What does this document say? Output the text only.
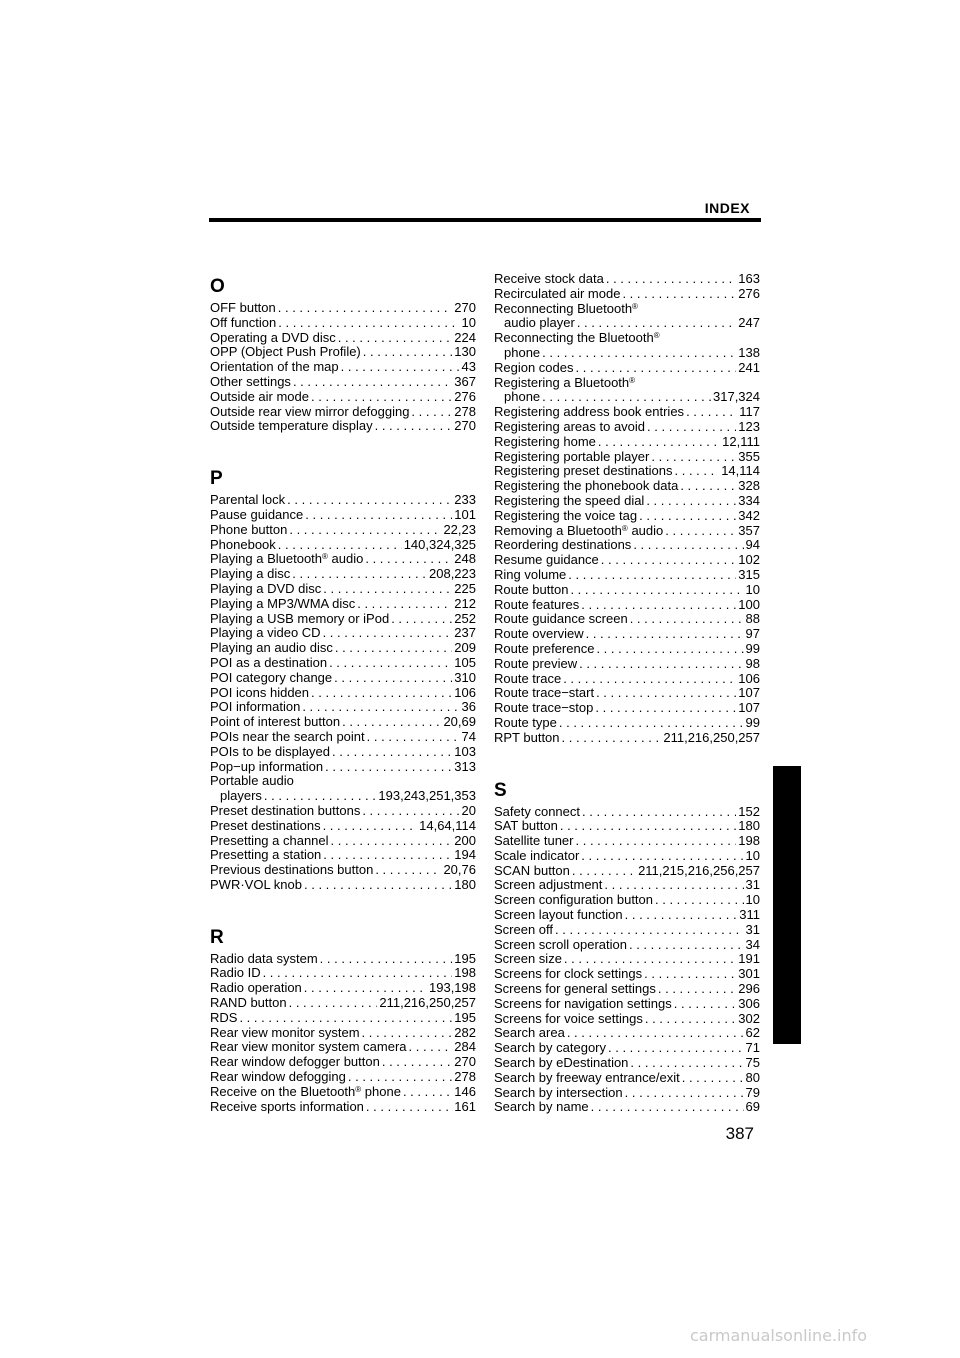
INDEX
O
OFF button . . .	270
Off function . . .	10
Operating a DVD disc . . .	224
OPP (Object Push Profile) . . .	130
Orientation of the map . . .	43
Other settings . . .	367
Outside air mode . . .	276
Outside rear view mirror defogging . . .	278
Outside temperature display . . .	270
P
Parental lock . . .	233
Pause guidance . . .	101
Phone button . . .	22,23
Phonebook . . .	140,324,325
Playing a Bluetooth® audio . . .	248
Playing a disc . . .	208,223
Playing a DVD disc . . .	225
Playing a MP3/WMA disc . . .	212
Playing a USB memory or iPod . . .	252
Playing a video CD . . .	237
Playing an audio disc . . .	209
POI as a destination . . .	105
POI category change . . .	310
POI icons hidden . . .	106
POI information . . .	36
Point of interest button . . .	20,69
POIs near the search point . . .	74
POIs to be displayed . . .	103
Pop−up information . . .	313
Portable audio
players . . .	193,243,251,353
Preset destination buttons . . .	20
Preset destinations . . .	14,64,114
Presetting a channel . . .	200
Presetting a station . . .	194
Previous destinations button . . .	20,76
PWR·VOL knob . . .	180
R
Radio data system . . .	195
Radio ID . . .	198
Radio operation . . .	193,198
RAND button . . .	211,216,250,257
RDS . . .	195
Rear view monitor system . . .	282
Rear view monitor system camera . . .	284
Rear window defogger button . . .	270
Rear window defogging . . .	278
Receive on the Bluetooth® phone . . .	146
Receive sports information . . .	161
Receive stock data . . .	163
Recirculated air mode . . .	276
Reconnecting Bluetooth®
audio player . . .	247
Reconnecting the Bluetooth®
phone . . .	138
Region codes . . .	241
Registering a Bluetooth®
phone . . .	317,324
Registering address book entries . . .	117
Registering areas to avoid . . .	123
Registering home . . .	12,111
Registering portable player . . .	355
Registering preset destinations . . .	14,114
Registering the phonebook data . . .	328
Registering the speed dial . . .	334
Registering the voice tag . . .	342
Removing a Bluetooth® audio . . .	357
Reordering destinations . . .	94
Resume guidance . . .	102
Ring volume . . .	315
Route button . . .	10
Route features . . .	100
Route guidance screen . . .	88
Route overview . . .	97
Route preference . . .	99
Route preview . . .	98
Route trace . . .	106
Route trace−start . . .	107
Route trace−stop . . .	107
Route type . . .	99
RPT button . . .	211,216,250,257
S
Safety connect . . .	152
SAT button . . .	180
Satellite tuner . . .	198
Scale indicator . . .	10
SCAN button . . .	211,215,216,256,257
Screen adjustment . . .	31
Screen configuration button . . .	10
Screen layout function . . .	311
Screen off . . .	31
Screen scroll operation . . .	34
Screen size . . .	191
Screens for clock settings . . .	301
Screens for general settings . . .	296
Screens for navigation settings . . .	306
Screens for voice settings . . .	302
Search area . . .	62
Search by category . . .	71
Search by eDestination . . .	75
Search by freeway entrance/exit . . .	80
Search by intersection . . .	79
Search by name . . .	69
387
carmanualsonline.info
